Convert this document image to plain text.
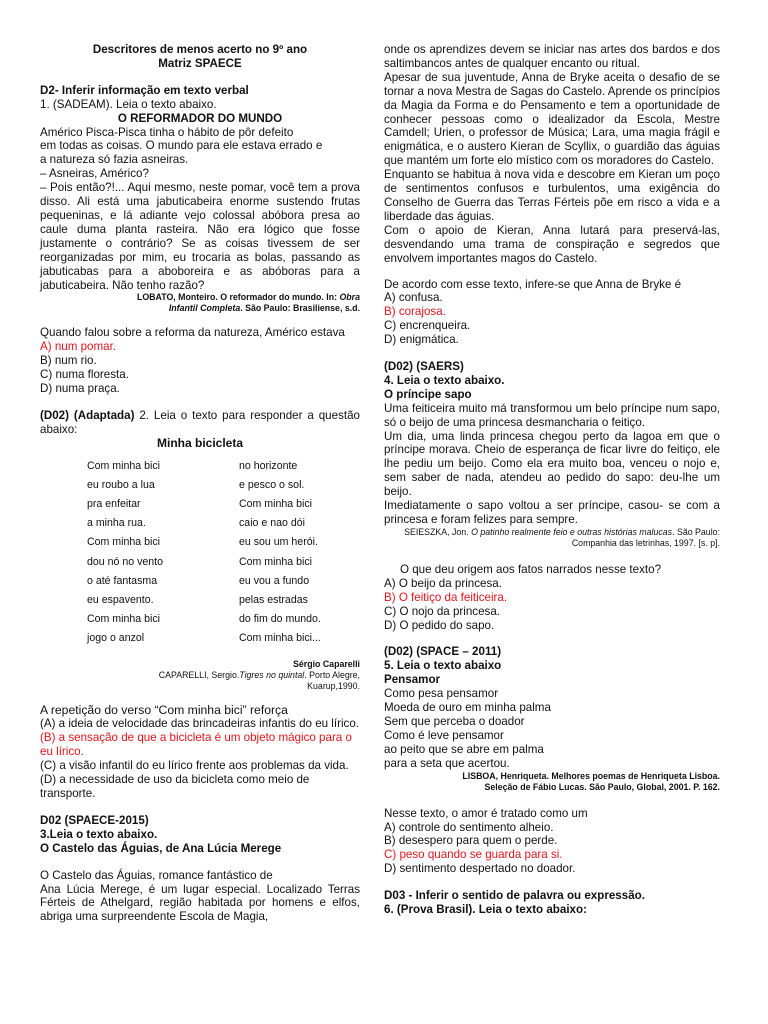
Descritores de menos acerto no 9º ano

Matriz SPAECE

D2- Inferir informação em texto verbal

1. (SADEAM). Leia o texto abaixo.

O REFORMADOR DO MUNDO

Américo Pisca-Pisca tinha o hábito de pôr defeito

em todas as coisas. O mundo para ele estava errado e

a natureza só fazia asneiras.

– Asneiras, Américo?

– Pois então?!... Aqui mesmo, neste pomar, você tem a prova disso. Ali está uma jabuticabeira enorme sustendo frutas pequeninas, e lá adiante vejo colossal abóbora presa ao caule duma planta rasteira. Não era lógico que fosse justamente o contrário? Se as coisas tivessem de ser reorganizadas por mim, eu trocaria as bolas, passando as jabuticabas para a aboboreira e as abóboras para a jabuticabeira. Não tenho razão?

LOBATO, Monteiro. O reformador do mundo. In: Obra
Infantil Completa. São Paulo: Brasiliense, s.d.

Quando falou sobre a reforma da natureza, Américo estava

A) num pomar.

B) num rio.

C) numa floresta.

D) numa praça.

(D02) (Adaptada) 2. Leia o texto para responder a questão abaixo:

Minha bicicleta

Com minha bici
eu roubo a lua
pra enfeitar
a minha rua.
Com minha bici
dou nó no vento
o até fantasma
eu espavento.
Com minha bici
jogo o anzol
no horizonte
e pesco o sol.
Com minha bici
caio e nao dói
eu sou um herói.
Com minha bici
eu vou a fundo
pelas estradas
do fim do mundo.
Com minha bici...

Sérgio Caparelli

CAPARELLI, Sergio.Tigres no quintal. Porto Alegre,
Kuarup,1990.

A repetição do verso “Com minha bici” reforça

(A) a ideia de velocidade das brincadeiras infantis do eu lírico.

(B) a sensação de que a bicicleta é um objeto mágico para o eu lírico.

(C) a visão infantil do eu lírico frente aos problemas da vida.

(D) a necessidade de uso da bicicleta como meio de transporte.

D02 (SPAECE-2015)

3.Leia o texto abaixo.

O Castelo das Águias, de Ana Lúcia Merege

O Castelo das Águias, romance fantástico de

Ana Lúcia Merege, é um lugar especial. Localizado Terras Férteis de Athelgard, região habitada por homens e elfos, abriga uma surpreendente Escola de Magia,

onde os aprendizes devem se iniciar nas artes dos bardos e dos saltimbancos antes de qualquer encanto ou ritual.

Apesar de sua juventude, Anna de Bryke aceita o desafio de se tornar a nova Mestra de Sagas do Castelo. Aprende os princípios da Magia da Forma e do Pensamento e tem a oportunidade de conhecer pessoas como o idealizador da Escola, Mestre Camdell; Urien, o professor de Música; Lara, uma magia frágil e enigmática, e o austero Kieran de Scyllix, o guardião das águias que mantém um forte elo místico com os moradores do Castelo.

Enquanto se habitua à nova vida e descobre em Kieran um poço de sentimentos confusos e turbulentos, uma exigência do Conselho de Guerra das Terras Férteis põe em risco a vida e a liberdade das águias.

Com o apoio de Kieran, Anna lutará para preservá-las, desvendando uma trama de conspiração e segredos que envolvem importantes magos do Castelo.

De acordo com esse texto, infere-se que Anna de Bryke é

A) confusa.

B) corajosa.

C) encrenqueira.

D) enigmática.

(D02) (SAERS)

4. Leia o texto abaixo.

O príncipe sapo

Uma feiticeira muito má transformou um belo príncipe num sapo, só o beijo de uma princesa desmancharia o feitiço.

Um dia, uma linda princesa chegou perto da lagoa em que o príncipe morava. Cheio de esperança de ficar livre do feitiço, ele lhe pediu um beijo. Como ela era muito boa, venceu o nojo e, sem saber de nada, atendeu ao pedido do sapo: deu-lhe um beijo.

Imediatamente o sapo voltou a ser príncipe, casou- se com a princesa e foram felizes para sempre.

SEIESZKA, Jon. O patinho realmente feio e outras histórias malucas. São Paulo: Companhia das letrinhas, 1997. [s. p].

O que deu origem aos fatos narrados nesse texto?

A) O beijo da princesa.

B) O feitiço da feiticeira.

C) O nojo da princesa.

D) O pedido do sapo.

(D02) (SPACE – 2011)

5. Leia o texto abaixo

Pensamor

Como pesa pensamor

Moeda de ouro em minha palma

Sem que perceba o doador

Como é leve pensamor

ao peito que se abre em palma

para a seta que acertou.

LISBOA, Henriqueta. Melhores poemas de Henriqueta Lisboa. Seleção de Fábio Lucas. São Paulo, Global, 2001. P. 162.

Nesse texto, o amor é tratado como um

A) controle do sentimento alheio.

B) desespero para quem o perde.

C) peso quando se guarda para si.

D) sentimento despertado no doador.

D03 - Inferir o sentido de palavra ou expressão.

6. (Prova Brasil). Leia o texto abaixo:
